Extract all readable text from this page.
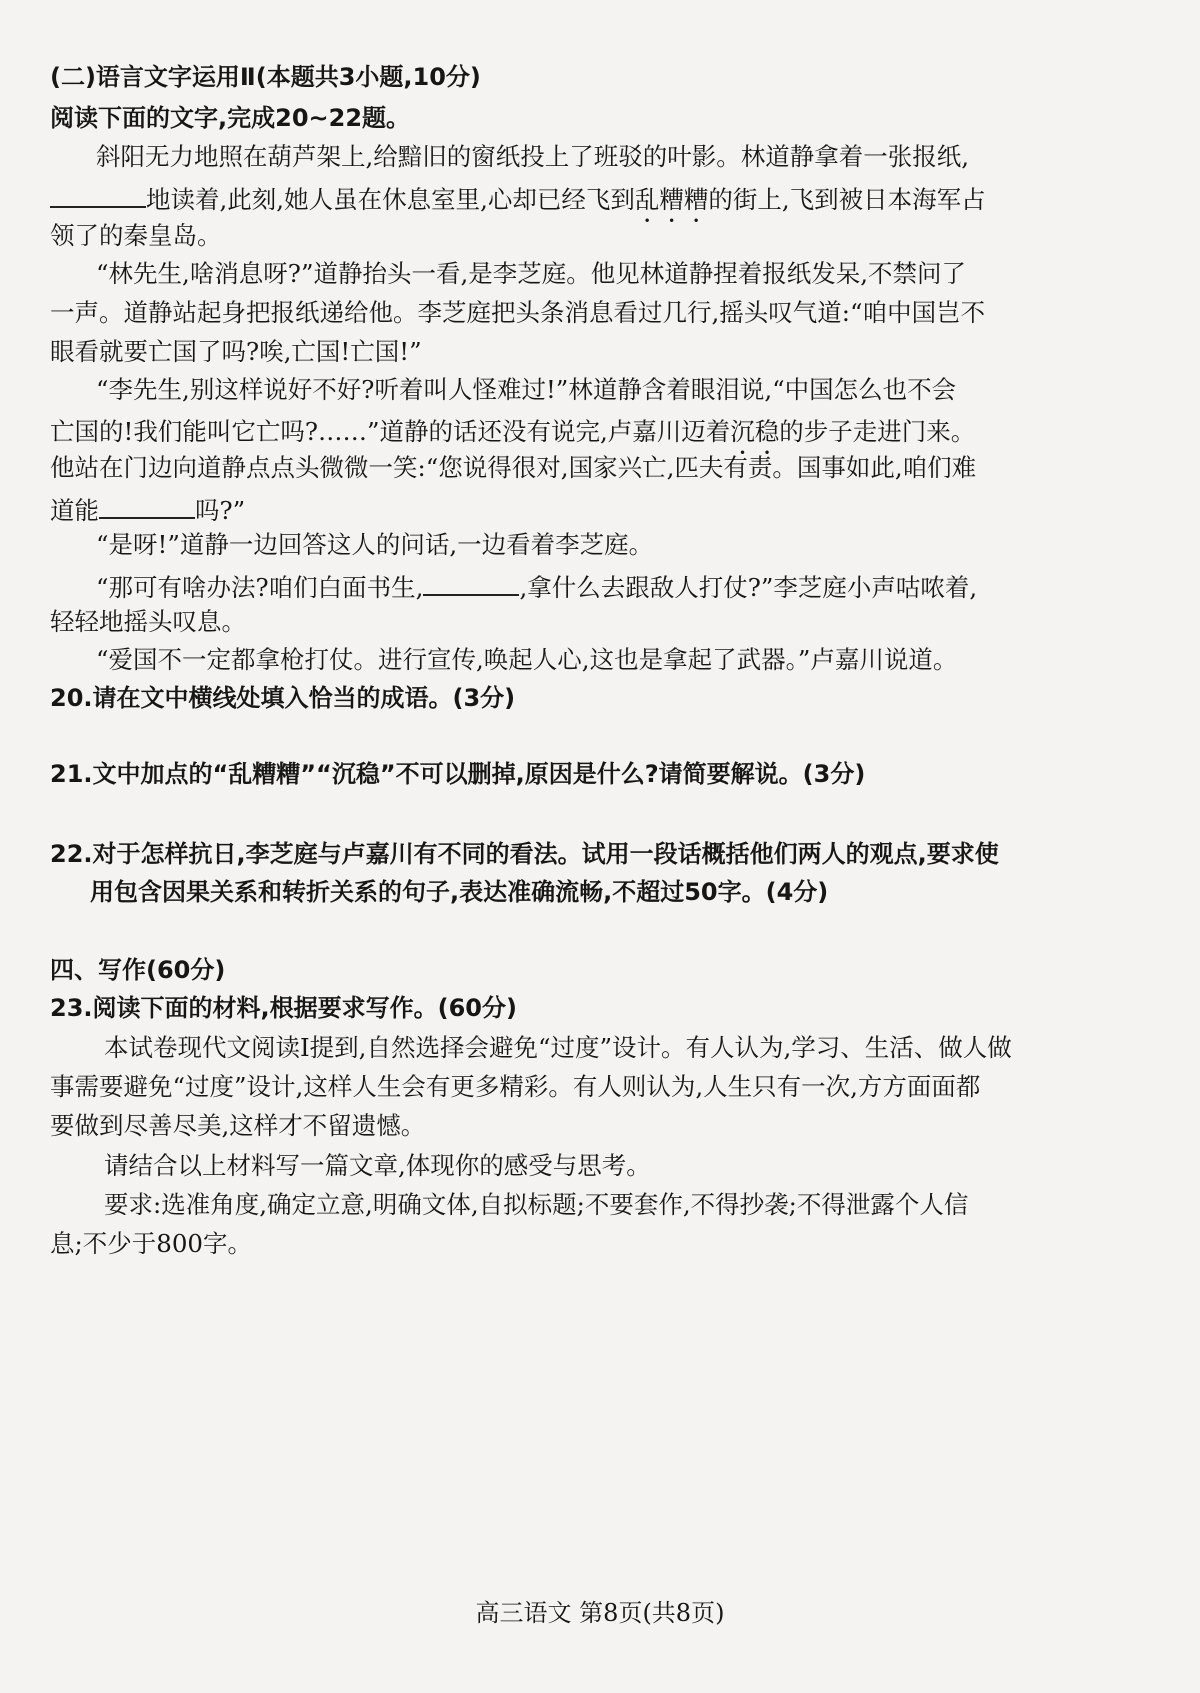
(二)语言文字运用Ⅱ(本题共3小题,10分)
阅读下面的文字,完成20~22题。
斜阳无力地照在葫芦架上,给黯旧的窗纸投上了班驳的叶影。林道静拿着一张报纸,
地读着,此刻,她人虽在休息室里,心却已经飞到乱糟糟的街上,飞到被日本海军占
领了的秦皇岛。
“林先生,啥消息呀?”道静抬头一看,是李芝庭。他见林道静捏着报纸发呆,不禁问了
一声。道静站起身把报纸递给他。李芝庭把头条消息看过几行,摇头叹气道:“咱中国岂不
眼看就要亡国了吗?唉,亡国!亡国!”
“李先生,别这样说好不好?听着叫人怪难过!”林道静含着眼泪说,“中国怎么也不会
亡国的!我们能叫它亡吗?……”道静的话还没有说完,卢嘉川迈着沉稳的步子走进门来。
他站在门边向道静点点头微微一笑:“您说得很对,国家兴亡,匹夫有责。国事如此,咱们难
道能	吗?”
“是呀!”道静一边回答这人的问话,一边看着李芝庭。
“那可有啥办法?咱们白面书生,	,拿什么去跟敌人打仗?”李芝庭小声咕哝着,
轻轻地摇头叹息。
“爱国不一定都拿枪打仗。进行宣传,唤起人心,这也是拿起了武器。”卢嘉川说道。
20.请在文中横线处填入恰当的成语。(3分)
21.文中加点的“乱糟糟”“沉稳”不可以删掉,原因是什么?请简要解说。(3分)
22.对于怎样抗日,李芝庭与卢嘉川有不同的看法。试用一段话概括他们两人的观点,要求使
用包含因果关系和转折关系的句子,表达准确流畅,不超过50字。(4分)
四、写作(60分)
23.阅读下面的材料,根据要求写作。(60分)
本试卷现代文阅读Ⅰ提到,自然选择会避免“过度”设计。有人认为,学习、生活、做人做
事需要避免“过度”设计,这样人生会有更多精彩。有人则认为,人生只有一次,方方面面都
要做到尽善尽美,这样才不留遗憾。
请结合以上材料写一篇文章,体现你的感受与思考。
要求:选准角度,确定立意,明确文体,自拟标题;不要套作,不得抄袭;不得泄露个人信
息;不少于800字。
高三语文 第8页(共8页)
